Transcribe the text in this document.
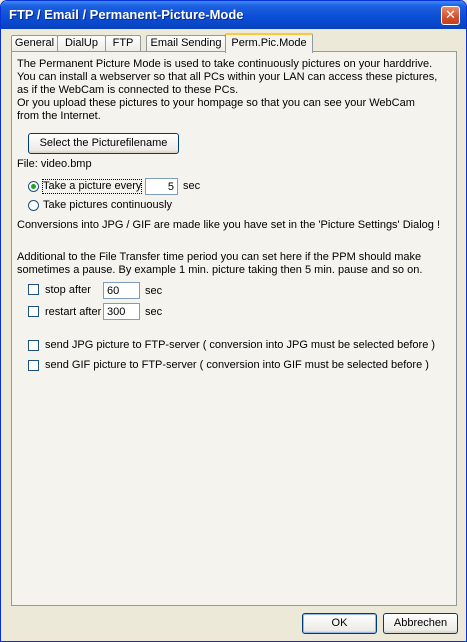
FTP / Email / Permanent-Picture-Mode	✕
General DialUp	FTP	Email Sending Perm.Pic.Mode
The Permanent Picture Mode is used to take continuously pictures on your harddrive.
You can install a webserver so that all PCs within your LAN can access these pictures,
as if the WebCam is connected to these PCs.
Or you upload these pictures to your hompage so that you can see your WebCam
from the Internet.
Select the Picturefilename
File: video.bmp
Take a picture every
5	sec
Take pictures continuously
Conversions into JPG / GIF are made like you have set in the 'Picture Settings' Dialog !
Additional to the File Transfer time period you can set here if the PPM should make
sometimes a pause. By example 1 min. picture taking then 5 min. pause and so on.
stop after
60	sec
restart after
300	sec
send JPG picture to FTP-server ( conversion into JPG must be selected before )
send GIF picture to FTP-server ( conversion into GIF must be selected before )
OK	Abbrechen
